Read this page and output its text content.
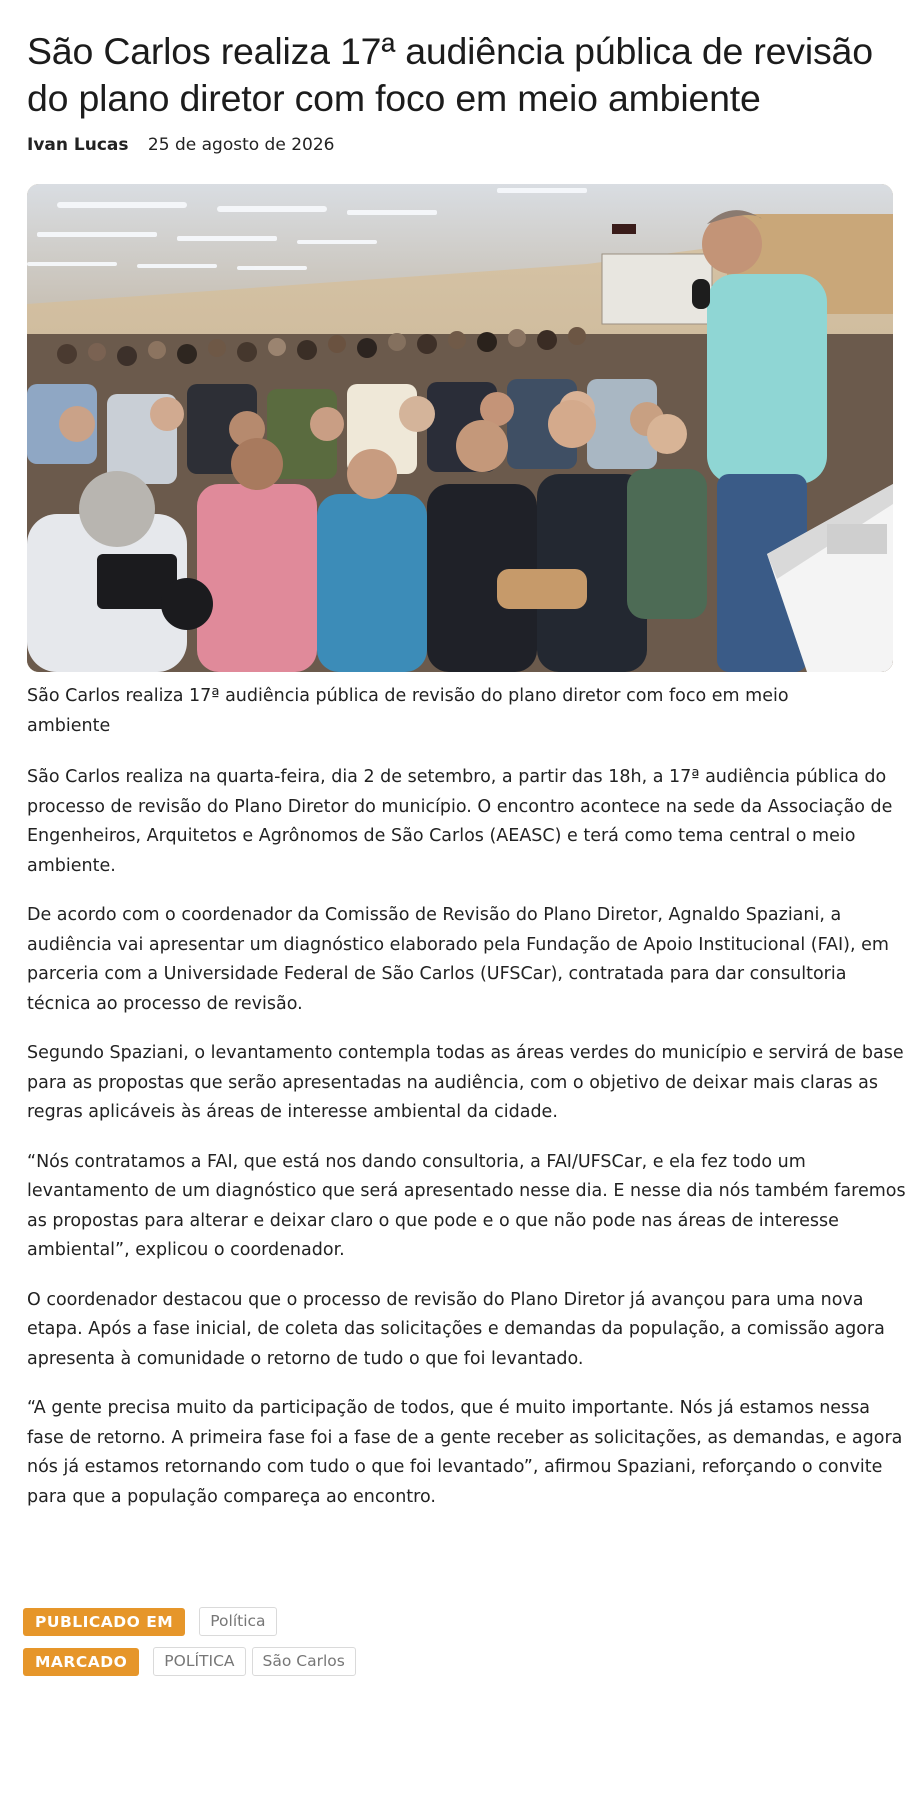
São Carlos realiza 17ª audiência pública de revisão do plano diretor com foco em meio ambiente
Ivan Lucas 25 de agosto de 2026
São Carlos realiza 17ª audiência pública de revisão do plano diretor com foco em meio ambiente

São Carlos realiza na quarta-feira, dia 2 de setembro, a partir das 18h, a 17ª audiência pública do processo de revisão do Plano Diretor do município. O encontro acontece na sede da Associação de Engenheiros, Arquitetos e Agrônomos de São Carlos (AEASC) e terá como tema central o meio ambiente.

De acordo com o coordenador da Comissão de Revisão do Plano Diretor, Agnaldo Spaziani, a audiência vai apresentar um diagnóstico elaborado pela Fundação de Apoio Institucional (FAI), em parceria com a Universidade Federal de São Carlos (UFSCar), contratada para dar consultoria técnica ao processo de revisão.

Segundo Spaziani, o levantamento contempla todas as áreas verdes do município e servirá de base para as propostas que serão apresentadas na audiência, com o objetivo de deixar mais claras as regras aplicáveis às áreas de interesse ambiental da cidade.

“Nós contratamos a FAI, que está nos dando consultoria, a FAI/UFSCar, e ela fez todo um levantamento de um diagnóstico que será apresentado nesse dia. E nesse dia nós também faremos as propostas para alterar e deixar claro o que pode e o que não pode nas áreas de interesse ambiental”, explicou o coordenador.

O coordenador destacou que o processo de revisão do Plano Diretor já avançou para uma nova etapa. Após a fase inicial, de coleta das solicitações e demandas da população, a comissão agora apresenta à comunidade o retorno de tudo o que foi levantado.

“A gente precisa muito da participação de todos, que é muito importante. Nós já estamos nessa fase de retorno. A primeira fase foi a fase de a gente receber as solicitações, as demandas, e agora nós já estamos retornando com tudo o que foi levantado”, afirmou Spaziani, reforçando o convite para que a população compareça ao encontro.

PUBLICADO EM	Política
MARCADO	POLÍTICA	São Carlos
